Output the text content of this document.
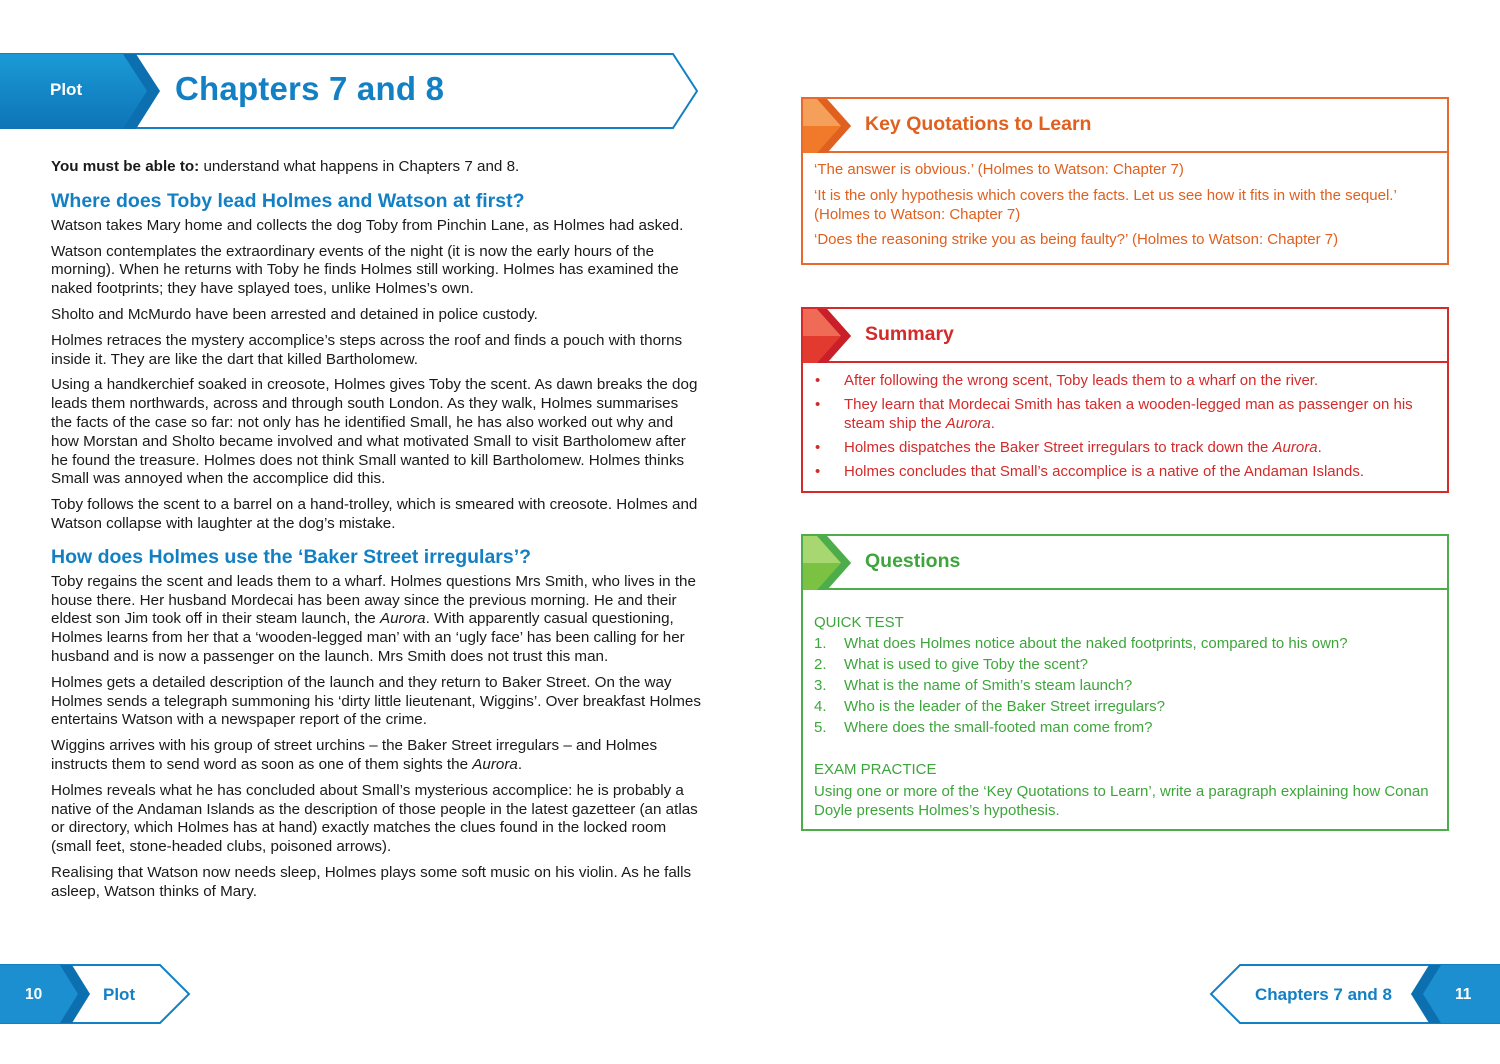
Plot	Chapters 7 and 8

You must be able to: understand what happens in Chapters 7 and 8.

Where does Toby lead Holmes and Watson at first?

Watson takes Mary home and collects the dog Toby from Pinchin Lane, as Holmes had asked.

Watson contemplates the extraordinary events of the night (it is now the early hours of the morning). When he returns with Toby he finds Holmes still working. Holmes has examined the naked footprints; they have splayed toes, unlike Holmes’s own.

Sholto and McMurdo have been arrested and detained in police custody.

Holmes retraces the mystery accomplice’s steps across the roof and finds a pouch with thorns inside it. They are like the dart that killed Bartholomew.

Using a handkerchief soaked in creosote, Holmes gives Toby the scent. As dawn breaks the dog leads them northwards, across and through south London. As they walk, Holmes summarises the facts of the case so far: not only has he identified Small, he has also worked out why and how Morstan and Sholto became involved and what motivated Small to visit Bartholomew after he found the treasure. Holmes does not think Small wanted to kill Bartholomew. Holmes thinks Small was annoyed when the accomplice did this.

Toby follows the scent to a barrel on a hand-trolley, which is smeared with creosote. Holmes and Watson collapse with laughter at the dog’s mistake.

How does Holmes use the ‘Baker Street irregulars’?

Toby regains the scent and leads them to a wharf. Holmes questions Mrs Smith, who lives in the house there. Her husband Mordecai has been away since the previous morning. He and their eldest son Jim took off in their steam launch, the Aurora. With apparently casual questioning, Holmes learns from her that a ‘wooden-legged man’ with an ‘ugly face’ has been calling for her husband and is now a passenger on the launch. Mrs Smith does not trust this man.

Holmes gets a detailed description of the launch and they return to Baker Street. On the way Holmes sends a telegraph summoning his ‘dirty little lieutenant, Wiggins’. Over breakfast Holmes entertains Watson with a newspaper report of the crime.

Wiggins arrives with his group of street urchins – the Baker Street irregulars – and Holmes instructs them to send word as soon as one of them sights the Aurora.

Holmes reveals what he has concluded about Small’s mysterious accomplice: he is probably a native of the Andaman Islands as the description of those people in the latest gazetteer (an atlas or directory, which Holmes has at hand) exactly matches the clues found in the locked room (small feet, stone-headed clubs, poisoned arrows).

Realising that Watson now needs sleep, Holmes plays some soft music on his violin. As he falls asleep, Watson thinks of Mary.

Key Quotations to Learn

‘The answer is obvious.’ (Holmes to Watson: Chapter 7)

‘It is the only hypothesis which covers the facts. Let us see how it fits in with the sequel.’ (Holmes to Watson: Chapter 7)

‘Does the reasoning strike you as being faulty?’ (Holmes to Watson: Chapter 7)

Summary
• After following the wrong scent, Toby leads them to a wharf on the river.
• They learn that Mordecai Smith has taken a wooden-legged man as passenger on his steam ship the Aurora.
• Holmes dispatches the Baker Street irregulars to track down the Aurora.
• Holmes concludes that Small’s accomplice is a native of the Andaman Islands.
Questions
QUICK TEST
1. What does Holmes notice about the naked footprints, compared to his own?
2. What is used to give Toby the scent?
3. What is the name of Smith’s steam launch?
4. Who is the leader of the Baker Street irregulars?
5. Where does the small-footed man come from?
EXAM PRACTICE
Using one or more of the ‘Key Quotations to Learn’, write a paragraph explaining how Conan Doyle presents Holmes’s hypothesis.
10	Plot	Chapters 7 and 8	11
